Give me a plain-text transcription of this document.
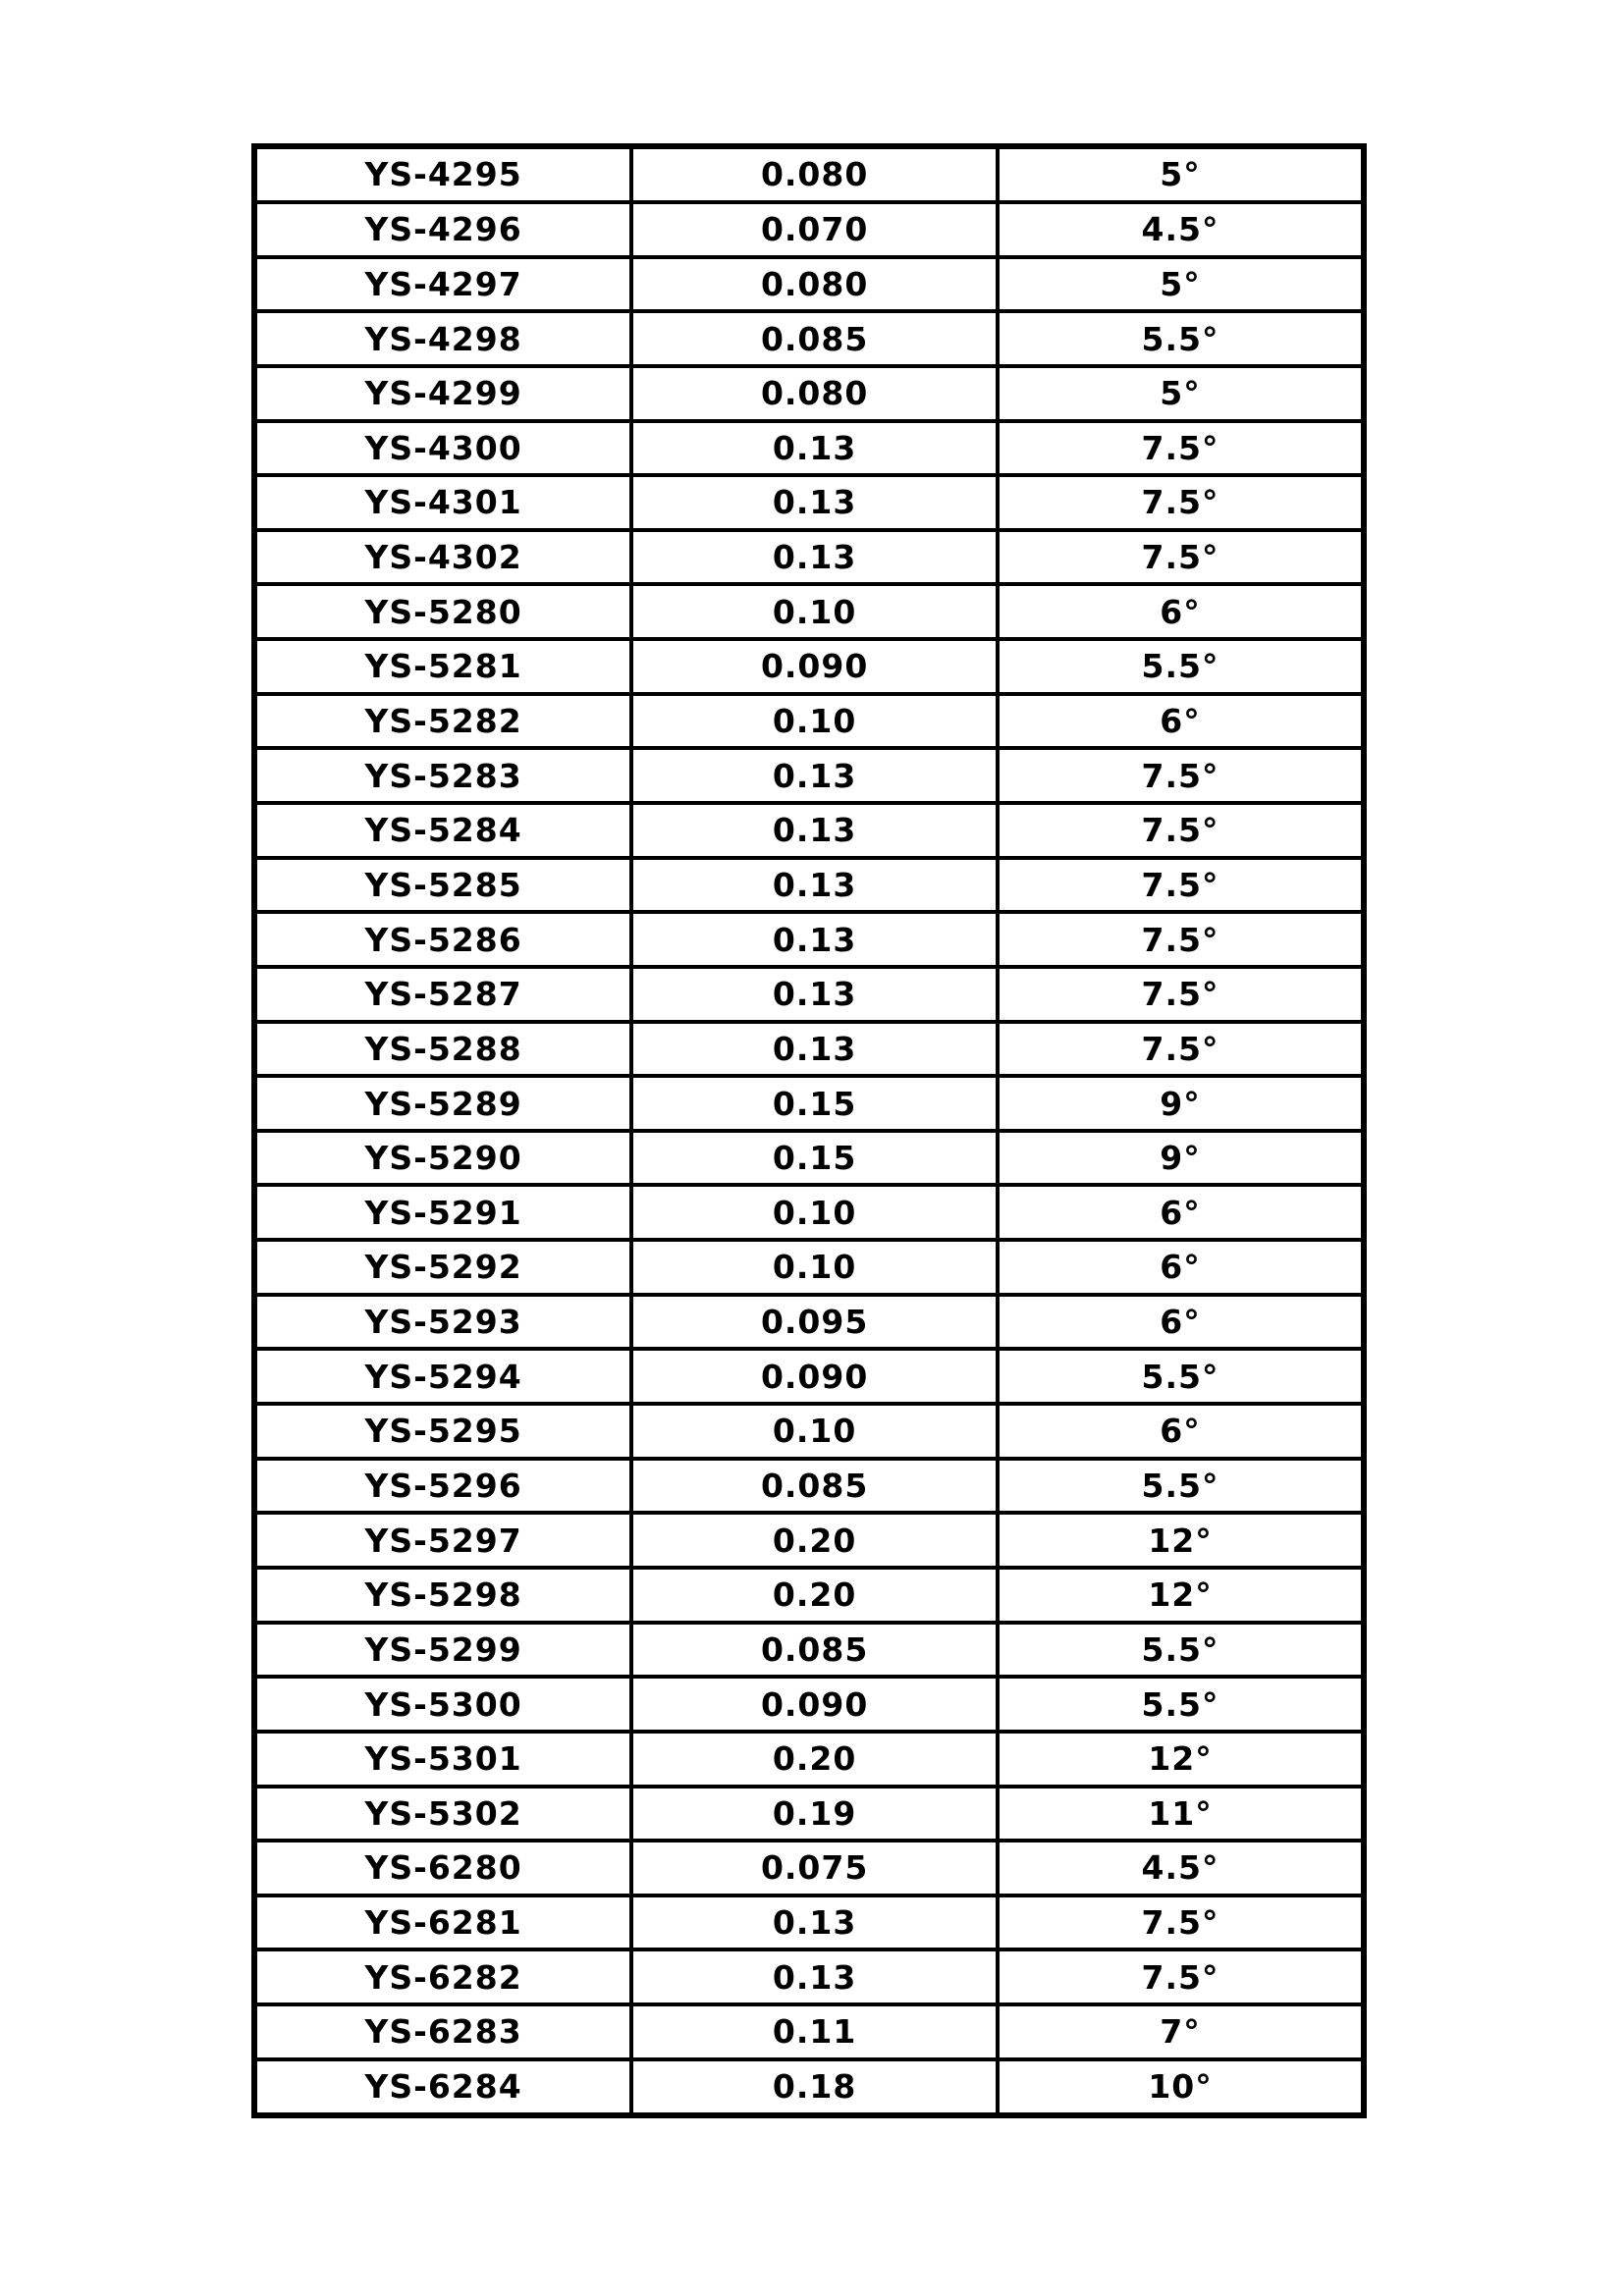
YS-4295	0.080	5°
YS-4296	0.070	4.5°
YS-4297	0.080	5°
YS-4298	0.085	5.5°
YS-4299	0.080	5°
YS-4300	0.13	7.5°
YS-4301	0.13	7.5°
YS-4302	0.13	7.5°
YS-5280	0.10	6°
YS-5281	0.090	5.5°
YS-5282	0.10	6°
YS-5283	0.13	7.5°
YS-5284	0.13	7.5°
YS-5285	0.13	7.5°
YS-5286	0.13	7.5°
YS-5287	0.13	7.5°
YS-5288	0.13	7.5°
YS-5289	0.15	9°
YS-5290	0.15	9°
YS-5291	0.10	6°
YS-5292	0.10	6°
YS-5293	0.095	6°
YS-5294	0.090	5.5°
YS-5295	0.10	6°
YS-5296	0.085	5.5°
YS-5297	0.20	12°
YS-5298	0.20	12°
YS-5299	0.085	5.5°
YS-5300	0.090	5.5°
YS-5301	0.20	12°
YS-5302	0.19	11°
YS-6280	0.075	4.5°
YS-6281	0.13	7.5°
YS-6282	0.13	7.5°
YS-6283	0.11	7°
YS-6284	0.18	10°
